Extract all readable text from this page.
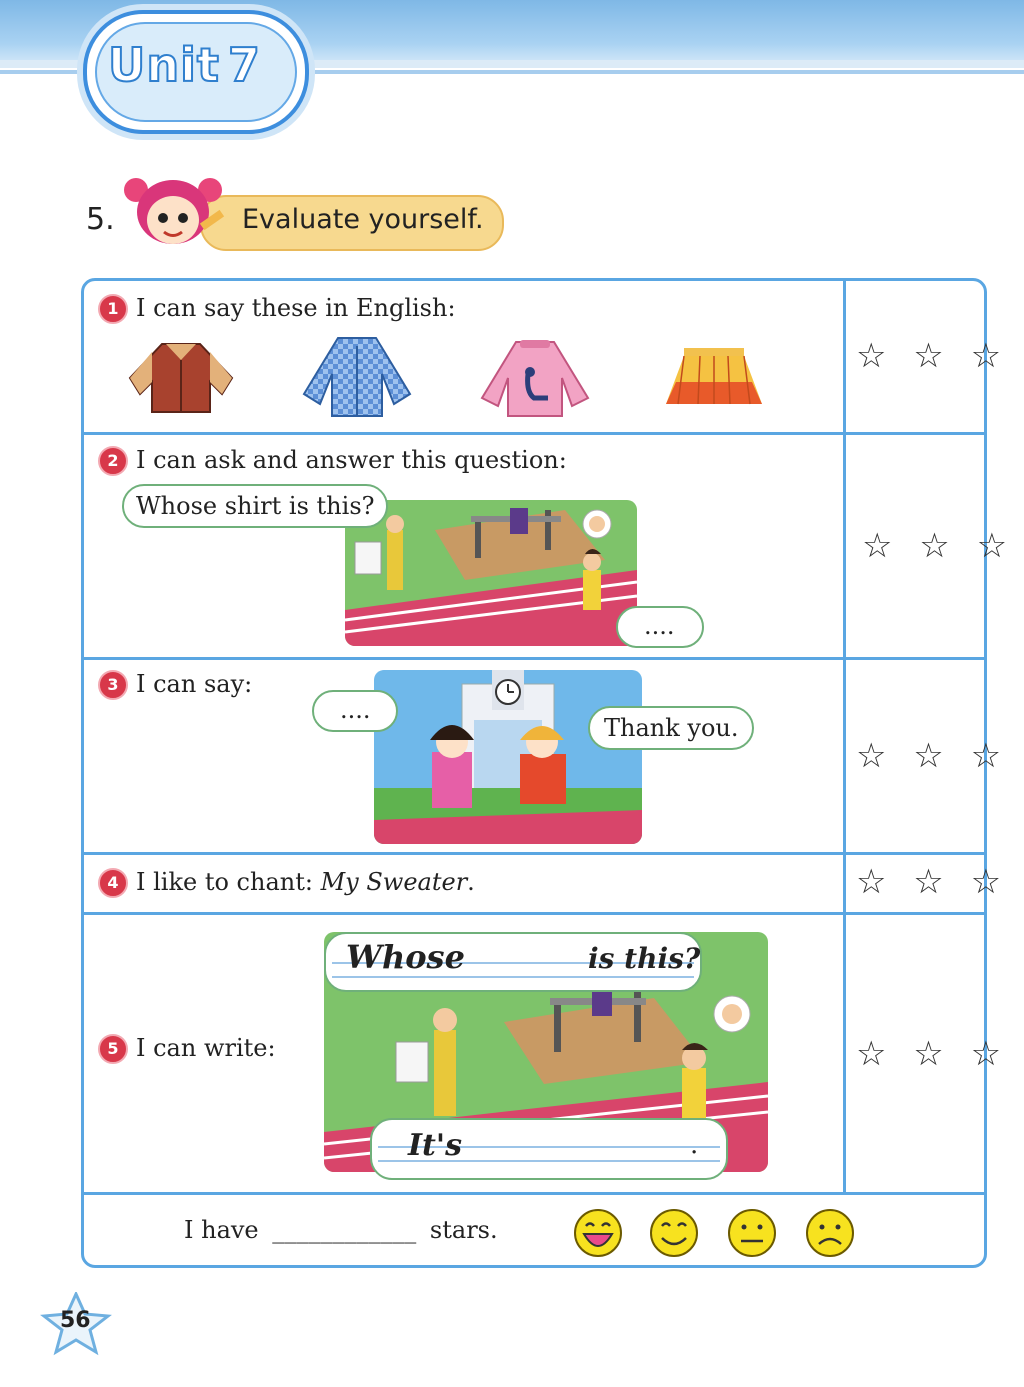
Unit 7
5.	Evaluate yourself.
1 I can say these in English:
☆ ☆ ☆
2 I can ask and answer this question:
Whose shirt is this?
....
☆ ☆ ☆
3 I can say:
....
Thank you.
☆ ☆ ☆
4 I like to chant: My Sweater.	☆ ☆ ☆
5 I can write:
Whose	is this?
It's	.
☆ ☆ ☆
I have ____________ stars.
56
